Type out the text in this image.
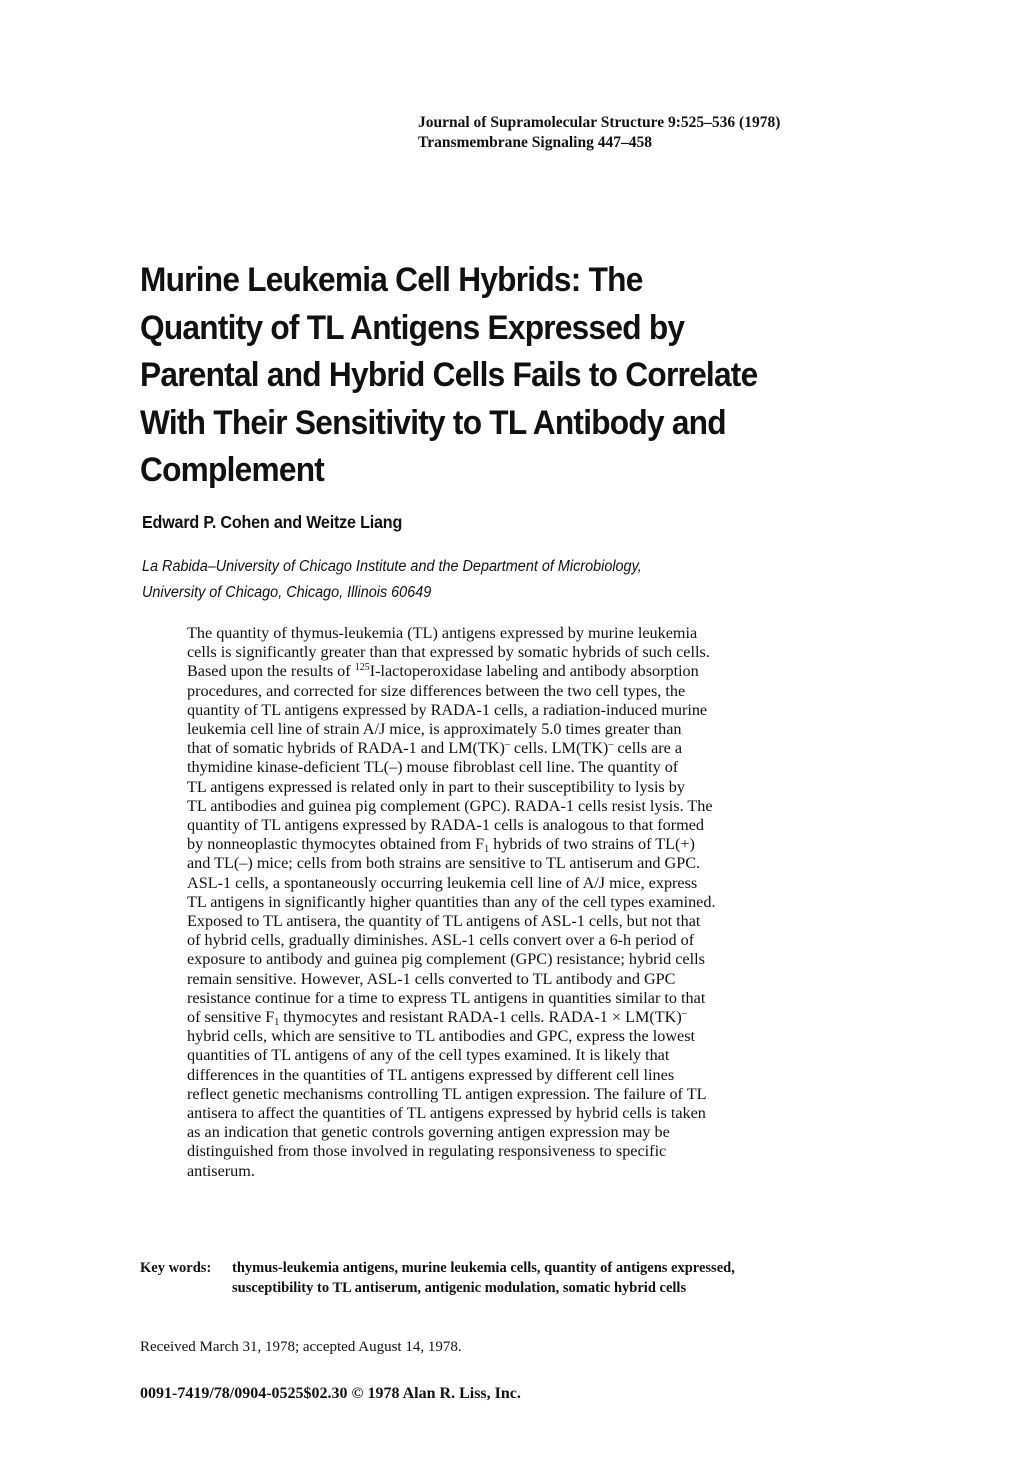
Journal of Supramolecular Structure 9:525–536 (1978)
Transmembrane Signaling 447–458
Murine Leukemia Cell Hybrids: The
Quantity of TL Antigens Expressed by
Parental and Hybrid Cells Fails to Correlate
With Their Sensitivity to TL Antibody and
Complement
Edward P. Cohen and Weitze Liang
La Rabida–University of Chicago Institute and the Department of Microbiology,
University of Chicago, Chicago, Illinois 60649
The quantity of thymus-leukemia (TL) antigens expressed by murine leukemia
cells is significantly greater than that expressed by somatic hybrids of such cells.
Based upon the results of $^{125}$I-lactoperoxidase labeling and antibody absorption
procedures, and corrected for size differences between the two cell types, the
quantity of TL antigens expressed by RADA-1 cells, a radiation-induced murine
leukemia cell line of strain A/J mice, is approximately 5.0 times greater than
that of somatic hybrids of RADA-1 and LM(TK)– cells. LM(TK)– cells are a
thymidine kinase-deficient TL(–) mouse fibroblast cell line. The quantity of
TL antigens expressed is related only in part to their susceptibility to lysis by
TL antibodies and guinea pig complement (GPC). RADA-1 cells resist lysis. The
quantity of TL antigens expressed by RADA-1 cells is analogous to that formed
by nonneoplastic thymocytes obtained from $F_1$ hybrids of two strains of TL(+)
and TL(–) mice; cells from both strains are sensitive to TL antiserum and GPC.
ASL-1 cells, a spontaneously occurring leukemia cell line of A/J mice, express
TL antigens in significantly higher quantities than any of the cell types examined.
Exposed to TL antisera, the quantity of TL antigens of ASL-1 cells, but not that
of hybrid cells, gradually diminishes. ASL-1 cells convert over a 6-h period of
exposure to antibody and guinea pig complement (GPC) resistance; hybrid cells
remain sensitive. However, ASL-1 cells converted to TL antibody and GPC
resistance continue for a time to express TL antigens in quantities similar to that
of sensitive $F_1$ thymocytes and resistant RADA-1 cells. RADA-1 × LM(TK)–
hybrid cells, which are sensitive to TL antibodies and GPC, express the lowest
quantities of TL antigens of any of the cell types examined. It is likely that
differences in the quantities of TL antigens expressed by different cell lines
reflect genetic mechanisms controlling TL antigen expression. The failure of TL
antisera to affect the quantities of TL antigens expressed by hybrid cells is taken
as an indication that genetic controls governing antigen expression may be
distinguished from those involved in regulating responsiveness to specific
antiserum.
Key words: thymus-leukemia antigens, murine leukemia cells, quantity of antigens expressed,
susceptibility to TL antiserum, antigenic modulation, somatic hybrid cells
Received March 31, 1978; accepted August 14, 1978.
0091-7419/78/0904-0525$02.30 © 1978 Alan R. Liss, Inc.
